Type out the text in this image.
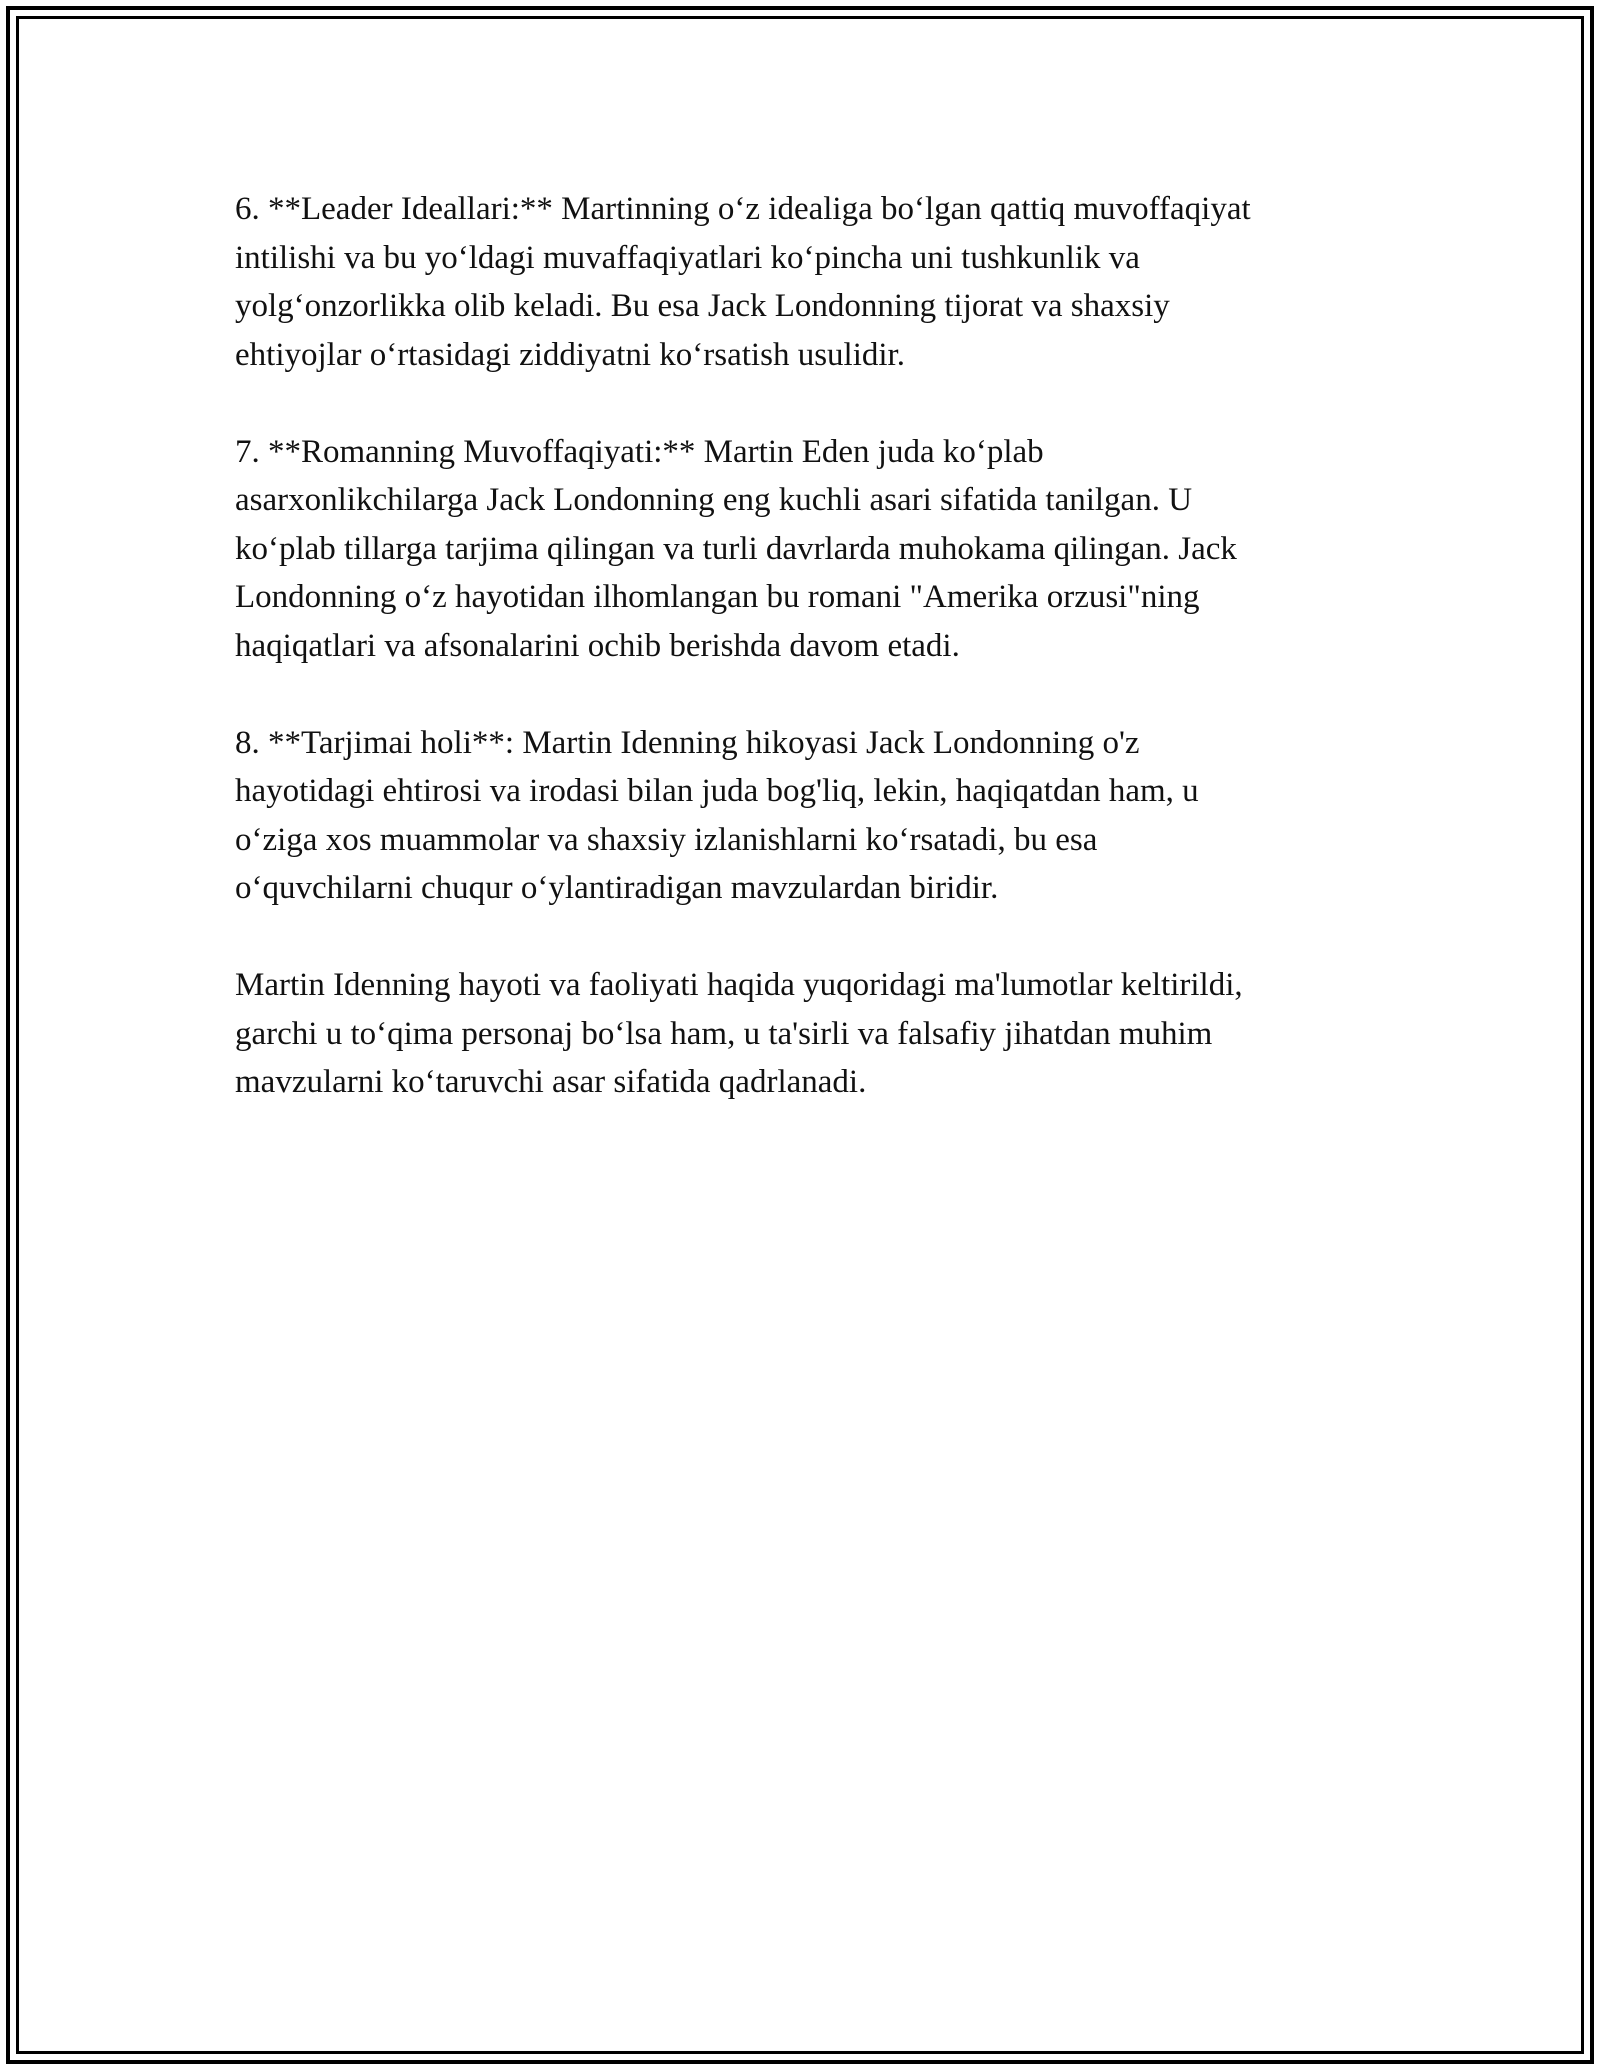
6. **Leader Ideallari:** Martinning o‘z idealiga bo‘lgan qattiq muvoffaqiyat
intilishi va bu yo‘ldagi muvaffaqiyatlari ko‘pincha uni tushkunlik va
yolg‘onzorlikka olib keladi. Bu esa Jack Londonning tijorat va shaxsiy
ehtiyojlar o‘rtasidagi ziddiyatni ko‘rsatish usulidir.

7. **Romanning Muvoffaqiyati:** Martin Eden juda ko‘plab
asarxonlikchilarga Jack Londonning eng kuchli asari sifatida tanilgan. U
ko‘plab tillarga tarjima qilingan va turli davrlarda muhokama qilingan. Jack
Londonning o‘z hayotidan ilhomlangan bu romani "Amerika orzusi"ning
haqiqatlari va afsonalarini ochib berishda davom etadi.

8. **Tarjimai holi**: Martin Idenning hikoyasi Jack Londonning o'z
hayotidagi ehtirosi va irodasi bilan juda bog'liq, lekin, haqiqatdan ham, u
o‘ziga xos muammolar va shaxsiy izlanishlarni ko‘rsatadi, bu esa
o‘quvchilarni chuqur o‘ylantiradigan mavzulardan biridir.

Martin Idenning hayoti va faoliyati haqida yuqoridagi ma'lumotlar keltirildi,
garchi u to‘qima personaj bo‘lsa ham, u ta'sirli va falsafiy jihatdan muhim
mavzularni ko‘taruvchi asar sifatida qadrlanadi.
